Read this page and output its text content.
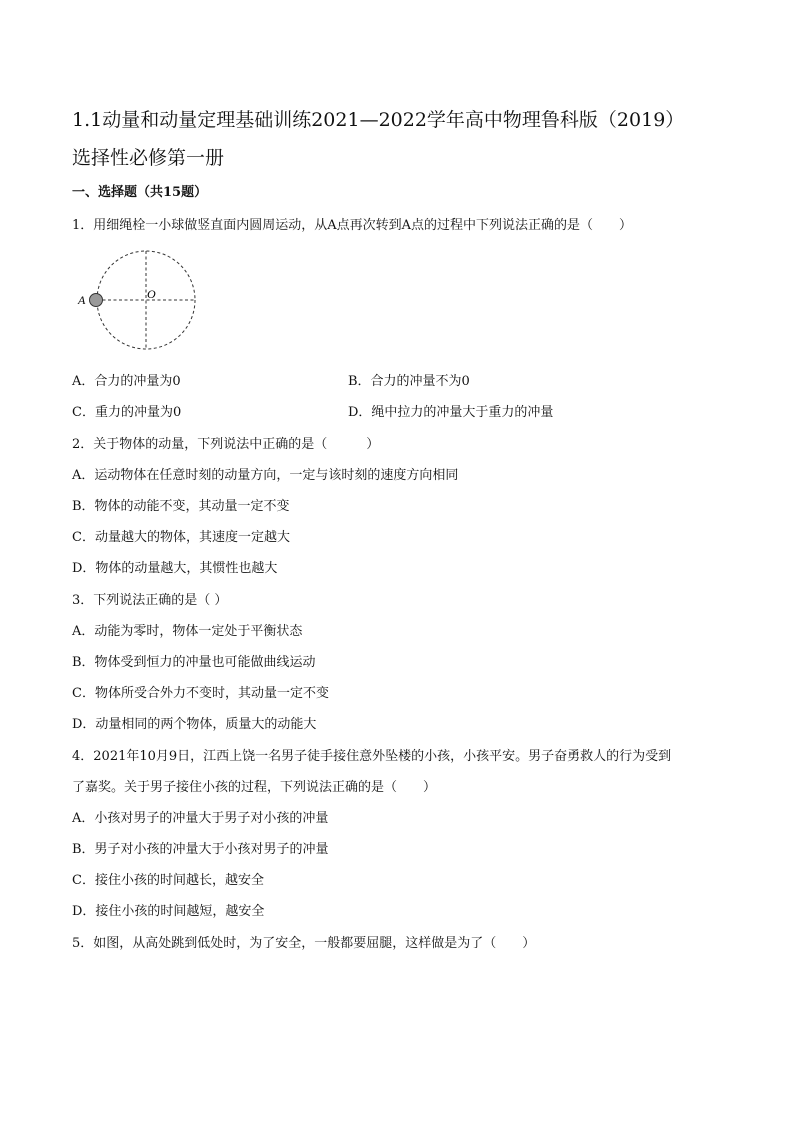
1.1动量和动量定理基础训练2021—2022学年高中物理鲁科版（2019）
选择性必修第一册
一、选择题（共15题）
1．用细绳栓一小球做竖直面内圆周运动，从A点再次转到A点的过程中下列说法正确的是（　　）
A	O
A．合力的冲量为0	B．合力的冲量不为0
C．重力的冲量为0	D．绳中拉力的冲量大于重力的冲量
2．关于物体的动量，下列说法中正确的是（　　　）
A．运动物体在任意时刻的动量方向，一定与该时刻的速度方向相同
B．物体的动能不变，其动量一定不变
C．动量越大的物体，其速度一定越大
D．物体的动量越大，其惯性也越大
3．下列说法正确的是（ ）
A．动能为零时，物体一定处于平衡状态
B．物体受到恒力的冲量也可能做曲线运动
C．物体所受合外力不变时，其动量一定不变
D．动量相同的两个物体，质量大的动能大
4．2021年10月9日，江西上饶一名男子徒手接住意外坠楼的小孩，小孩平安。男子奋勇救人的行为受到
了嘉奖。关于男子接住小孩的过程，下列说法正确的是（　　）
A．小孩对男子的冲量大于男子对小孩的冲量
B．男子对小孩的冲量大于小孩对男子的冲量
C．接住小孩的时间越长，越安全
D．接住小孩的时间越短，越安全
5．如图，从高处跳到低处时，为了安全，一般都要屈腿，这样做是为了（　　）
